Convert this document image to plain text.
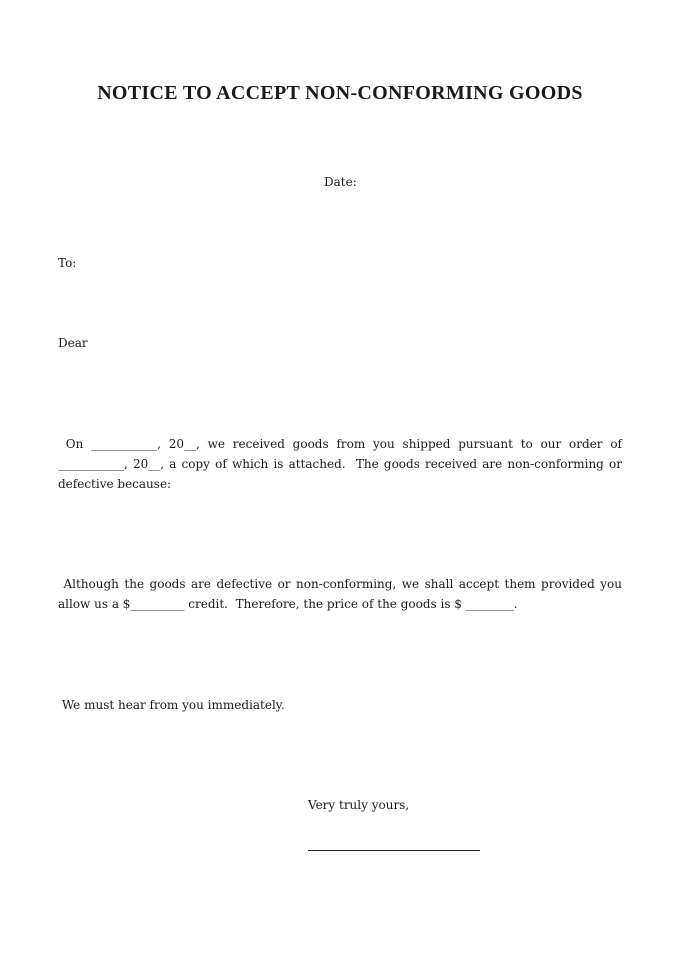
NOTICE TO ACCEPT NON-CONFORMING GOODS
Date:
To:
Dear
On ___________, 20__, we received goods from you shipped pursuant to our order of
___________, 20__, a copy of which is attached.  The goods received are non-conforming or
defective because:
Although the goods are defective or non-conforming, we shall accept them provided you
allow us a $_________ credit.  Therefore, the price of the goods is $ ________.
We must hear from you immediately.
Very truly yours,
